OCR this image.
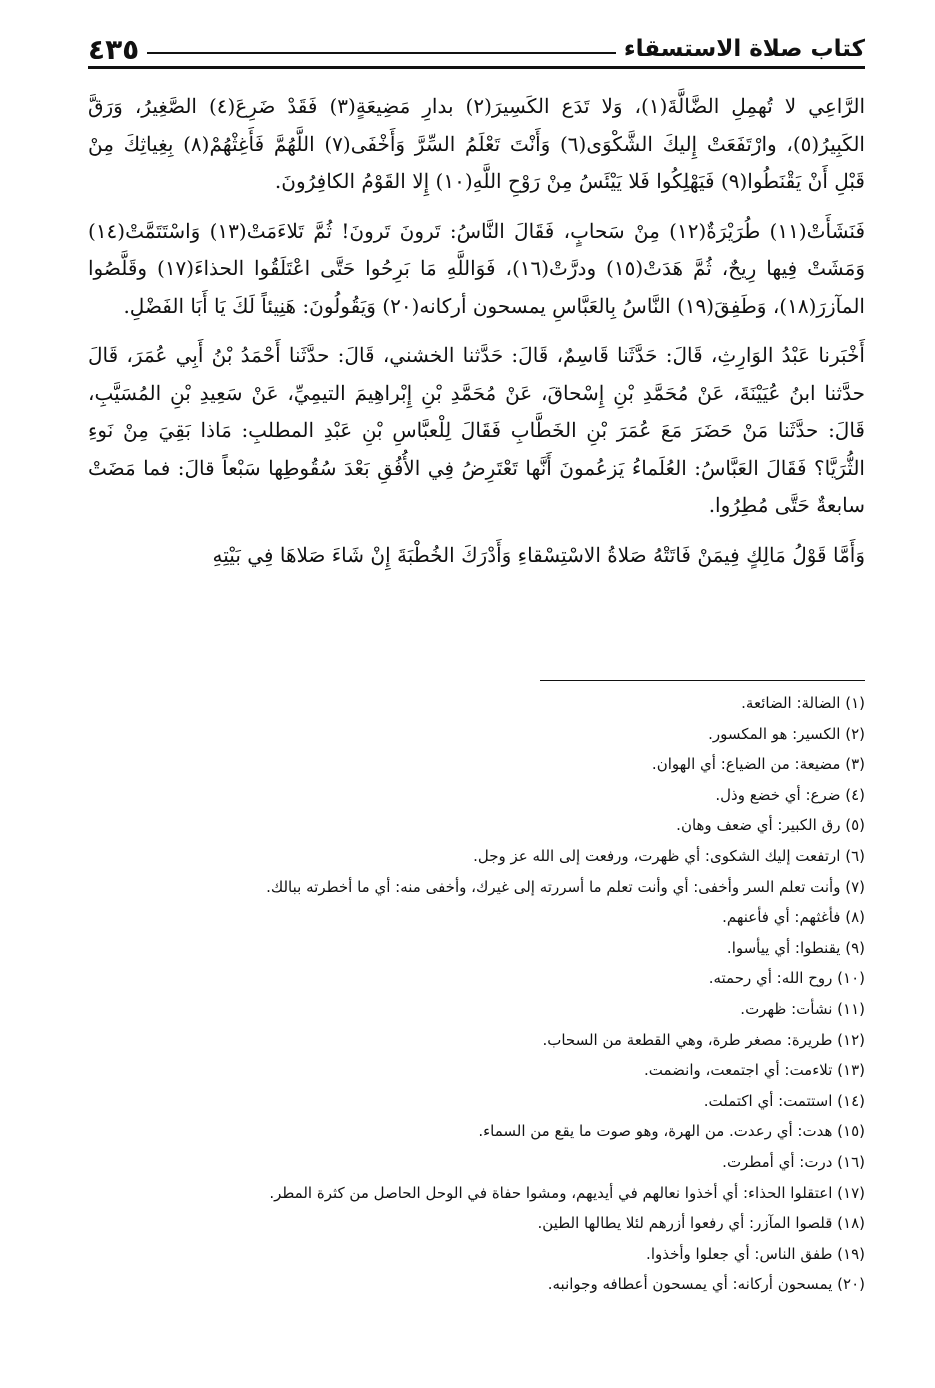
كتاب صلاة الاستسقاء
٤٣٥

الرَّاعِي لا تُهمِلِ الضَّالَّةَ(١)، وَلا تَدَع الكَسِيرَ(٢) بدارِ مَضِيعَةٍ(٣) فَقَدْ ضَرِعَ(٤) الصَّغِيرُ، وَرَقَّ الكَبِيرُ(٥)، وارْتَفَعَتْ إِليكَ الشَّكْوَى(٦) وَأَنْتَ تَعْلَمُ السِّرَّ وَأَخْفَى(٧) اللَّهُمَّ فَأَغِثْهُمْ(٨) بِغِياثِكَ مِنْ قَبْلِ أَنْ يَقْنَطُوا(٩) فَيَهْلِكُوا فَلا يَيْئَسُ مِنْ رَوْحِ اللَّهِ(١٠) إِلا القَوْمُ الكافِرُونَ.

فَنَشَأَتْ(١١) طُرَيْرَةٌ(١٢) مِنْ سَحابٍ، فَقَالَ النَّاسُ: تَرونَ تَرونَ! ثُمَّ تَلاءَمَتْ(١٣) وَاسْتَتَمَّتْ(١٤) وَمَشَتْ فِيها رِيحٌ، ثُمَّ هَدَتْ(١٥) ودرَّتْ(١٦)، فَوَاللَّهِ مَا بَرِحُوا حَتَّى اعْتَلَقُوا الحذاءَ(١٧) وقَلَّصُوا المآزرَ(١٨)، وَطَفِقَ(١٩) النَّاسُ بِالعَبَّاسِ يمسحون أركانه(٢٠) وَيَقُولُونَ: هَنِيئاً لَكَ يَا أَبَا الفَضْلِ.

أَخْبَرنا عَبْدُ الوَارِثِ، قَالَ: حَدَّثَنا قَاسِمٌ، قَالَ: حَدَّثنا الخشني، قَالَ: حدَّثَنا أَحْمَدُ بْنُ أَبِي عُمَرَ، قَالَ حدَّثنا ابنُ عُيَيْنَةَ، عَنْ مُحَمَّدِ بْنِ إِسْحاقَ، عَنْ مُحَمَّدِ بْنِ إِبْراهِيمَ التيمِيِّ، عَنْ سَعِيدِ بْنِ المُسَيَّبِ، قَالَ: حدَّثَنا مَنْ حَضَرَ مَعَ عُمَرَ بْنِ الخَطَّابِ فَقَالَ لِلْعبَّاسِ بْنِ عَبْدِ المطلبِ: مَاذا بَقِيَ مِنْ نَوءِ الثُّرَيَّا؟ فَقَالَ العَبَّاسُ: العُلَماءُ يَزعُمونَ أَنَّها تَعْتَرِضُ فِي الأُفُقِ بَعْدَ سُقُوطِها سَبْعاً قالَ: فما مَضَتْ سابعةٌ حَتَّى مُطِرُوا.

وَأَمَّا قَوْلُ مَالِكٍ فِيمَنْ فَاتَتْهُ صَلاةُ الاسْتِسْقاءِ وَأَدْرَكَ الخُطْبَةَ إِنْ شَاءَ صَلاهَا فِي بَيْتِهِ

(١) الضالة: الضائعة.
(٢) الكسير: هو المكسور.
(٣) مضيعة: من الضياع: أي الهوان.
(٤) ضرع: أي خضع وذل.
(٥) رق الكبير: أي ضعف وهان.
(٦) ارتفعت إليك الشكوى: أي ظهرت، ورفعت إلى الله عز وجل.
(٧) وأنت تعلم السر وأخفى: أي وأنت تعلم ما أسررته إلى غيرك، وأخفى منه: أي ما أخطرته ببالك.
(٨) فأغثهم: أي فأعنهم.
(٩) يقنطوا: أي ييأسوا.
(١٠) روح الله: أي رحمته.
(١١) نشأت: ظهرت.
(١٢) طريرة: مصغر طرة، وهي القطعة من السحاب.
(١٣) تلاءمت: أي اجتمعت، وانضمت.
(١٤) استتمت: أي اكتملت.
(١٥) هدت: أي رعدت. من الهرة، وهو صوت ما يقع من السماء.
(١٦) درت: أي أمطرت.
(١٧) اعتقلوا الحذاء: أي أخذوا نعالهم في أيديهم، ومشوا حفاة في الوحل الحاصل من كثرة المطر.
(١٨) قلصوا المآزر: أي رفعوا أزرهم لئلا يطالها الطين.
(١٩) طفق الناس: أي جعلوا وأخذوا.
(٢٠) يمسحون أركانه: أي يمسحون أعطافه وجوانبه.
